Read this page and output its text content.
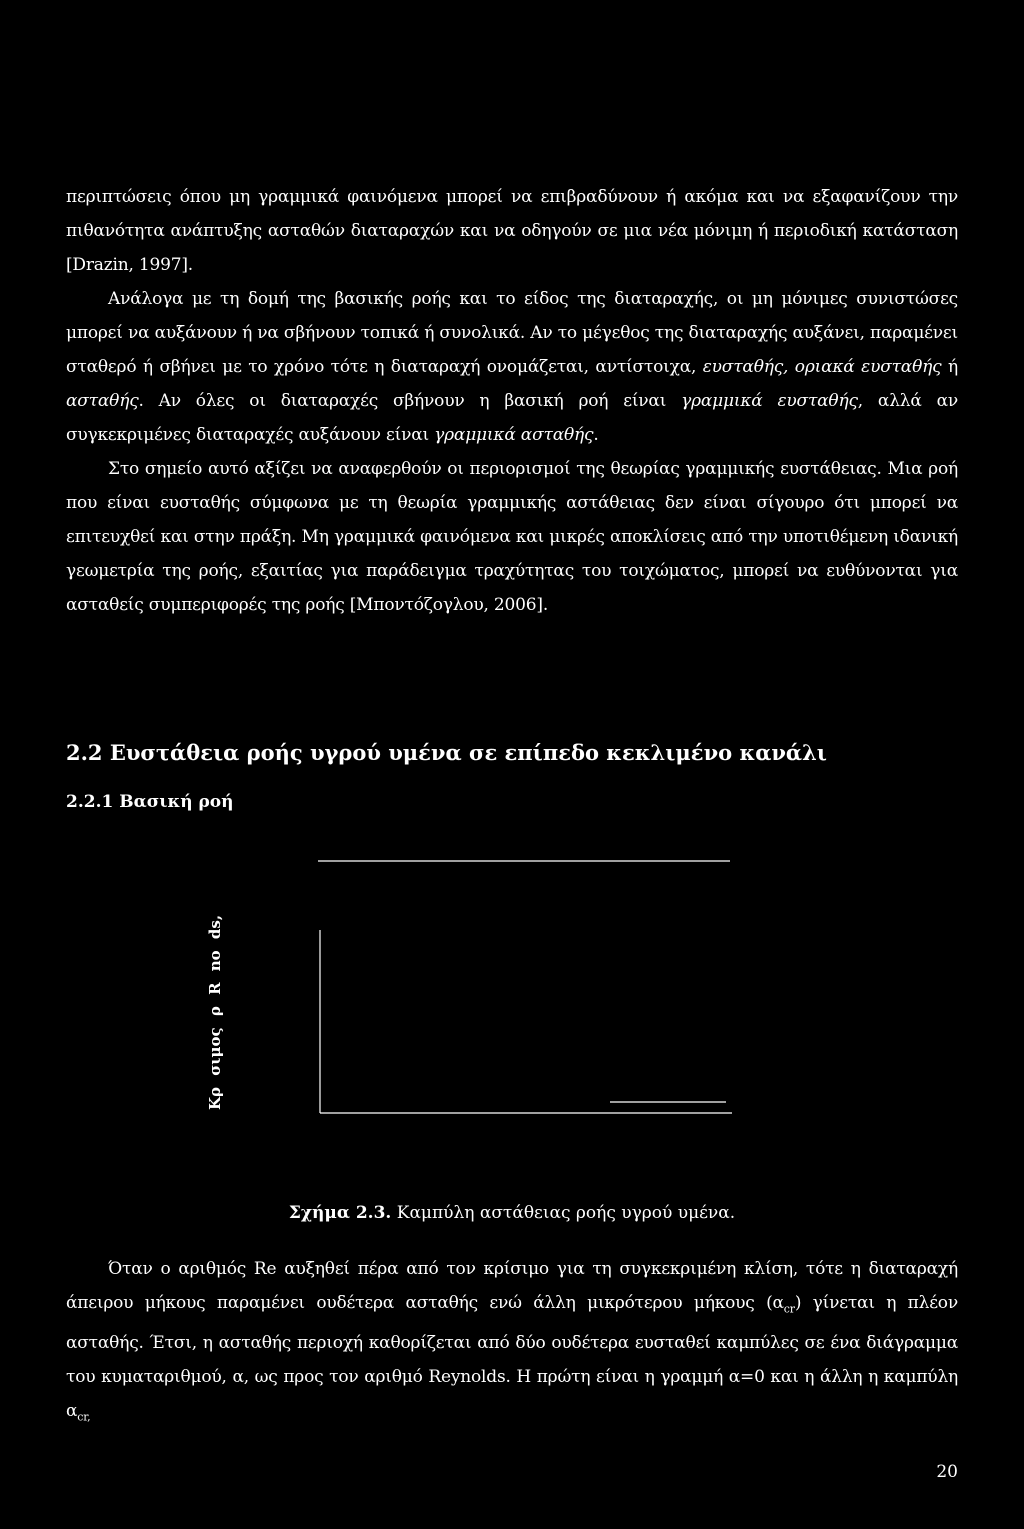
περιπτώσεις όπου μη γραμμικά φαινόμενα μπορεί να επιβραδύνουν ή ακόμα και να εξαφανίζουν την πιθανότητα ανάπτυξης ασταθών διαταραχών και να οδηγούν σε μια νέα μόνιμη ή περιοδική κατάσταση [Drazin, 1997].

Ανάλογα με τη δομή της βασικής ροής και το είδος της διαταραχής, οι μη μόνιμες συνιστώσες μπορεί να αυξάνουν ή να σβήνουν τοπικά ή συνολικά. Αν το μέγεθος της διαταραχής αυξάνει, παραμένει σταθερό ή σβήνει με το χρόνο τότε η διαταραχή ονομάζεται, αντίστοιχα, ευσταθής, οριακά ευσταθής ή ασταθής. Αν όλες οι διαταραχές σβήνουν η βασική ροή είναι γραμμικά ευσταθής, αλλά αν συγκεκριμένες διαταραχές αυξάνουν είναι γραμμικά ασταθής.

Στο σημείο αυτό αξίζει να αναφερθούν οι περιορισμοί της θεωρίας γραμμικής ευστάθειας. Μια ροή που είναι ευσταθής σύμφωνα με τη θεωρία γραμμικής αστάθειας δεν είναι σίγουρο ότι μπορεί να επιτευχθεί και στην πράξη. Μη γραμμικά φαινόμενα και μικρές αποκλίσεις από την υποτιθέμενη ιδανική γεωμετρία της ροής, εξαιτίας για παράδειγμα τραχύτητας του τοιχώματος, μπορεί να ευθύνονται για ασταθείς συμπεριφορές της ροής [Μποντόζογλου, 2006].

2.2 Ευστάθεια ροής υγρού υμένα σε επίπεδο κεκλιμένο κανάλι
2.2.1 Βασική ροή
Κρ σιμος ρ R no ds,
Σχήμα 2.3. Καμπύλη αστάθειας ροής υγρού υμένα.

Όταν ο αριθμός Re αυξηθεί πέρα από τον κρίσιμο για τη συγκεκριμένη κλίση, τότε η διαταραχή άπειρου μήκους παραμένει ουδέτερα ασταθής ενώ άλλη μικρότερου μήκους $(\alpha_{cr})$ γίνεται η πλέον ασταθής. Έτσι, η ασταθής περιοχή καθορίζεται από δύο ουδέτερα ευσταθεί καμπύλες σε ένα διάγραμμα του κυματαριθμού, α, ως προς τον αριθμό Reynolds. Η πρώτη είναι η γραμμή α=0 και η άλλη η καμπύλη $\alpha_{cr,}$

20
